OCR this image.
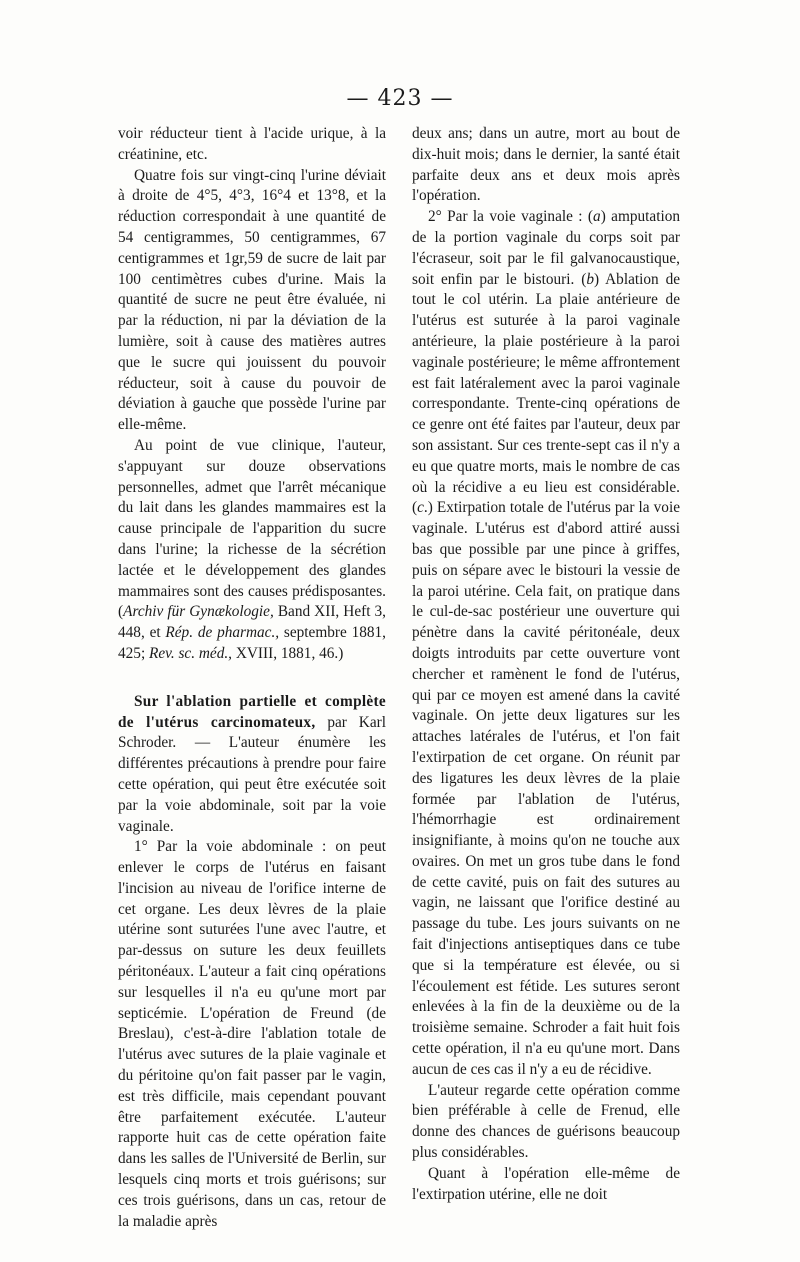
— 423 —

voir réducteur tient à l'acide urique, à la créatinine, etc.

Quatre fois sur vingt-cinq l'urine déviait à droite de 4°5, 4°3, 16°4 et 13°8, et la réduction correspondait à une quantité de 54 centigrammes, 50 centigrammes, 67 centigrammes et 1gr,59 de sucre de lait par 100 centimètres cubes d'urine. Mais la quantité de sucre ne peut être évaluée, ni par la réduction, ni par la déviation de la lumière, soit à cause des matières autres que le sucre qui jouissent du pouvoir réducteur, soit à cause du pouvoir de déviation à gauche que possède l'urine par elle-même.

Au point de vue clinique, l'auteur, s'appuyant sur douze observations personnelles, admet que l'arrêt mécanique du lait dans les glandes mammaires est la cause principale de l'apparition du sucre dans l'urine; la richesse de la sécrétion lactée et le développement des glandes mammaires sont des causes prédisposantes. (Archiv für Gynækologie, Band XII, Heft 3, 448, et Rép. de pharmac., septembre 1881, 425; Rev. sc. méd., XVIII, 1881, 46.)

Sur l'ablation partielle et complète de l'utérus carcinomateux, par Karl Schroder. — L'auteur énumère les différentes précautions à prendre pour faire cette opération, qui peut être exécutée soit par la voie abdominale, soit par la voie vaginale.

1° Par la voie abdominale : on peut enlever le corps de l'utérus en faisant l'incision au niveau de l'orifice interne de cet organe. Les deux lèvres de la plaie utérine sont suturées l'une avec l'autre, et par-dessus on suture les deux feuillets péritonéaux. L'auteur a fait cinq opérations sur lesquelles il n'a eu qu'une mort par septicémie. L'opération de Freund (de Breslau), c'est-à-dire l'ablation totale de l'utérus avec sutures de la plaie vaginale et du péritoine qu'on fait passer par le vagin, est très difficile, mais cependant pouvant être parfaitement exécutée. L'auteur rapporte huit cas de cette opération faite dans les salles de l'Université de Berlin, sur lesquels cinq morts et trois guérisons; sur ces trois guérisons, dans un cas, retour de la maladie après

deux ans; dans un autre, mort au bout de dix-huit mois; dans le dernier, la santé était parfaite deux ans et deux mois après l'opération.

2° Par la voie vaginale : (a) amputation de la portion vaginale du corps soit par l'écraseur, soit par le fil galvanocaustique, soit enfin par le bistouri. (b) Ablation de tout le col utérin. La plaie antérieure de l'utérus est suturée à la paroi vaginale antérieure, la plaie postérieure à la paroi vaginale postérieure; le même affrontement est fait latéralement avec la paroi vaginale correspondante. Trente-cinq opérations de ce genre ont été faites par l'auteur, deux par son assistant. Sur ces trente-sept cas il n'y a eu que quatre morts, mais le nombre de cas où la récidive a eu lieu est considérable. (c.) Extirpation totale de l'utérus par la voie vaginale. L'utérus est d'abord attiré aussi bas que possible par une pince à griffes, puis on sépare avec le bistouri la vessie de la paroi utérine. Cela fait, on pratique dans le cul-de-sac postérieur une ouverture qui pénètre dans la cavité péritonéale, deux doigts introduits par cette ouverture vont chercher et ramènent le fond de l'utérus, qui par ce moyen est amené dans la cavité vaginale. On jette deux ligatures sur les attaches latérales de l'utérus, et l'on fait l'extirpation de cet organe. On réunit par des ligatures les deux lèvres de la plaie formée par l'ablation de l'utérus, l'hémorrhagie est ordinairement insignifiante, à moins qu'on ne touche aux ovaires. On met un gros tube dans le fond de cette cavité, puis on fait des sutures au vagin, ne laissant que l'orifice destiné au passage du tube. Les jours suivants on ne fait d'injections antiseptiques dans ce tube que si la température est élevée, ou si l'écoulement est fétide. Les sutures seront enlevées à la fin de la deuxième ou de la troisième semaine. Schroder a fait huit fois cette opération, il n'a eu qu'une mort. Dans aucun de ces cas il n'y a eu de récidive.

L'auteur regarde cette opération comme bien préférable à celle de Frenud, elle donne des chances de guérisons beaucoup plus considérables.

Quant à l'opération elle-même de l'extirpation utérine, elle ne doit
